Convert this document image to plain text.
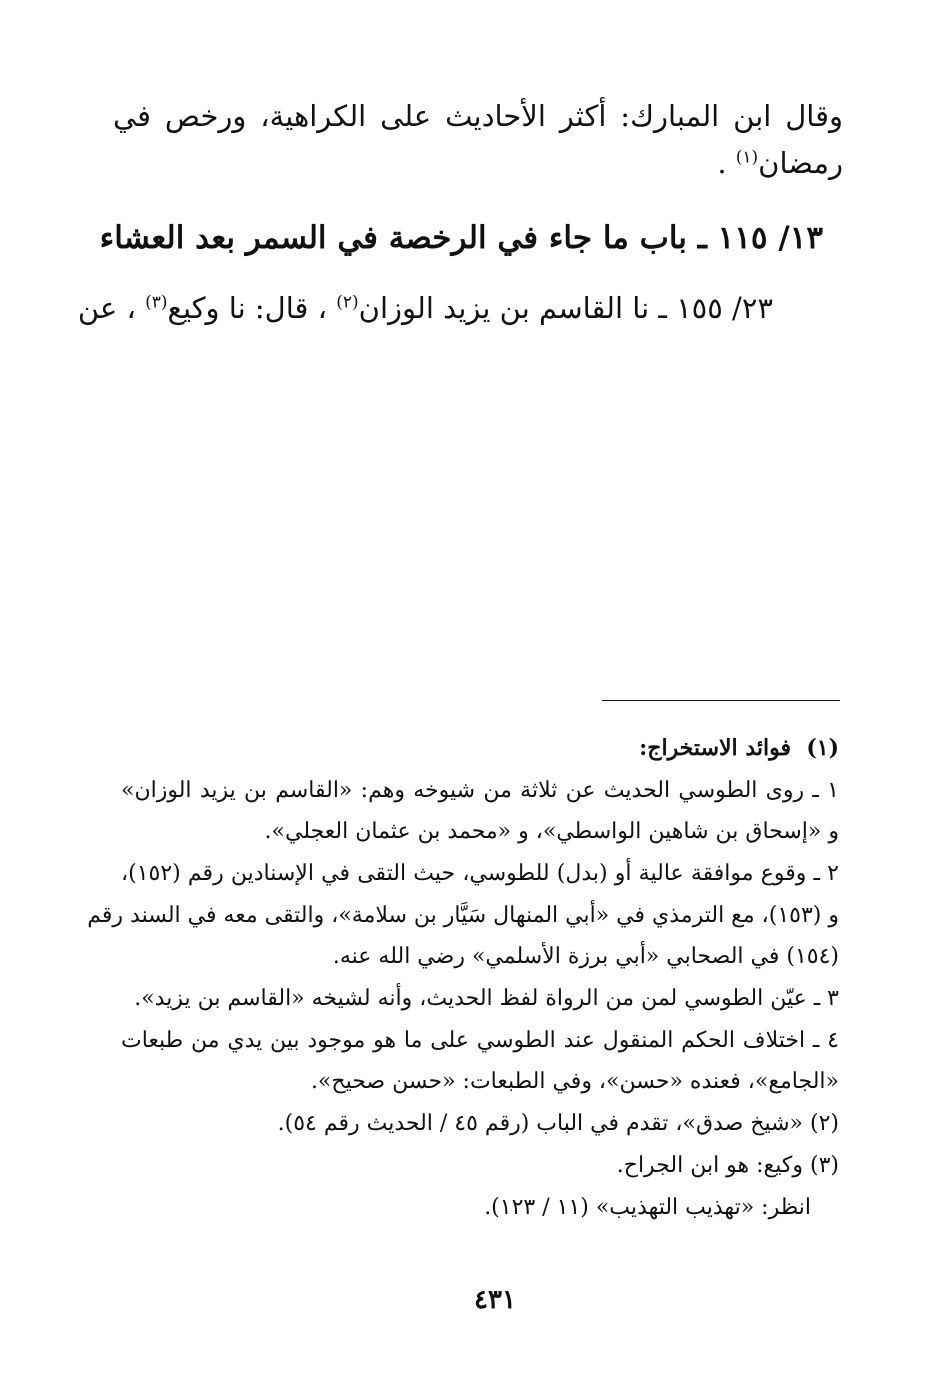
وقال ابن المبارك: أكثر الأحاديث على الكراهية، ورخص في
رمضان$^{(١)}$ .
١٣/ ١١٥ ـ باب ما جاء في الرخصة في السمر بعد العشاء
٢٣/ ١٥٥ ـ نا القاسم بن يزيد الوزان$^{(٢)}$ ، قال: نا وكيع$^{(٣)}$ ، عن
(١)  فوائد الاستخراج:
١ ـ روى الطوسي الحديث عن ثلاثة من شيوخه وهم: «القاسم بن يزيد الوزان»
و «إسحاق بن شاهين الواسطي»، و «محمد بن عثمان العجلي».
٢ ـ وقوع موافقة عالية أو (بدل) للطوسي، حيث التقى في الإسنادين رقم (١٥٢)،
و (١٥٣)، مع الترمذي في «أبي المنهال سَيَّار بن سلامة»، والتقى معه في السند رقم
(١٥٤) في الصحابي «أبي برزة الأسلمي» رضي الله عنه.
٣ ـ عيّن الطوسي لمن من الرواة لفظ الحديث، وأنه لشيخه «القاسم بن يزيد».
٤ ـ اختلاف الحكم المنقول عند الطوسي على ما هو موجود بين يدي من طبعات
«الجامع»، فعنده «حسن»، وفي الطبعات: «حسن صحيح».
(٢) «شيخ صدق»، تقدم في الباب (رقم ٤٥ / الحديث رقم ٥٤).
(٣) وكيع: هو ابن الجراح.
انظر: «تهذيب التهذيب» (١١ / ١٢٣).
٤٣١
